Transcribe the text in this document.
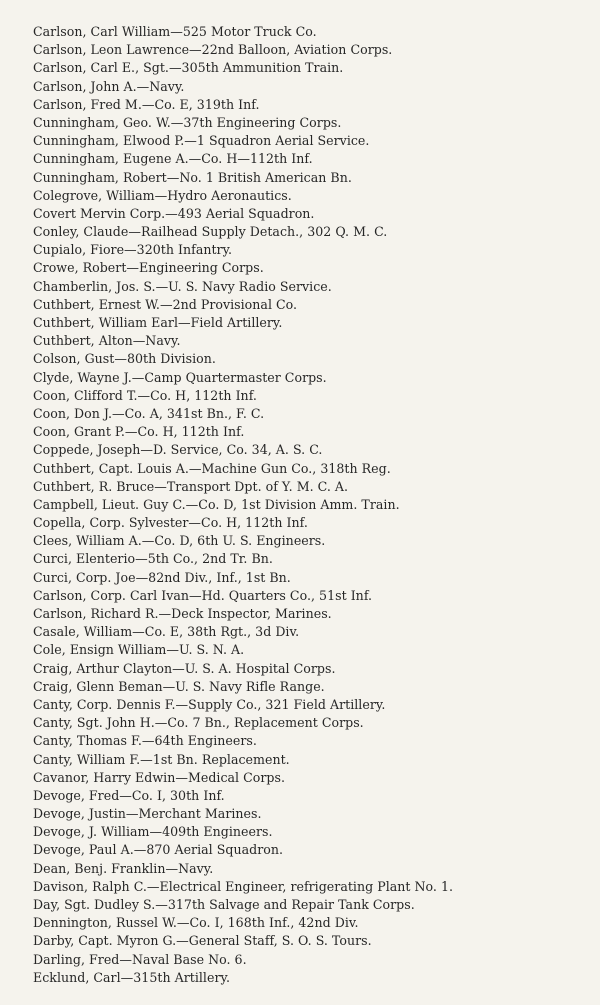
Carlson, Carl William—525 Motor Truck Co.
Carlson, Leon Lawrence—22nd Balloon, Aviation Corps.
Carlson, Carl E., Sgt.—305th Ammunition Train.
Carlson, John A.—Navy.
Carlson, Fred M.—Co. E, 319th Inf.
Cunningham, Geo. W.—37th Engineering Corps.
Cunningham, Elwood P.—1 Squadron Aerial Service.
Cunningham, Eugene A.—Co. H—112th Inf.
Cunningham, Robert—No. 1 British American Bn.
Colegrove, William—Hydro Aeronautics.
Covert Mervin Corp.—493 Aerial Squadron.
Conley, Claude—Railhead Supply Detach., 302 Q. M. C.
Cupialo, Fiore—320th Infantry.
Crowe, Robert—Engineering Corps.
Chamberlin, Jos. S.—U. S. Navy Radio Service.
Cuthbert, Ernest W.—2nd Provisional Co.
Cuthbert, William Earl—Field Artillery.
Cuthbert, Alton—Navy.
Colson, Gust—80th Division.
Clyde, Wayne J.—Camp Quartermaster Corps.
Coon, Clifford T.—Co. H, 112th Inf.
Coon, Don J.—Co. A, 341st Bn., F. C.
Coon, Grant P.—Co. H, 112th Inf.
Coppede, Joseph—D. Service, Co. 34, A. S. C.
Cuthbert, Capt. Louis A.—Machine Gun Co., 318th Reg.
Cuthbert, R. Bruce—Transport Dpt. of Y. M. C. A.
Campbell, Lieut. Guy C.—Co. D, 1st Division Amm. Train.
Copella, Corp. Sylvester—Co. H, 112th Inf.
Clees, William A.—Co. D, 6th U. S. Engineers.
Curci, Elenterio—5th Co., 2nd Tr. Bn.
Curci, Corp. Joe—82nd Div., Inf., 1st Bn.
Carlson, Corp. Carl Ivan—Hd. Quarters Co., 51st Inf.
Carlson, Richard R.—Deck Inspector, Marines.
Casale, William—Co. E, 38th Rgt., 3d Div.
Cole, Ensign William—U. S. N. A.
Craig, Arthur Clayton—U. S. A. Hospital Corps.
Craig, Glenn Beman—U. S. Navy Rifle Range.
Canty, Corp. Dennis F.—Supply Co., 321 Field Artillery.
Canty, Sgt. John H.—Co. 7 Bn., Replacement Corps.
Canty, Thomas F.—64th Engineers.
Canty, William F.—1st Bn. Replacement.
Cavanor, Harry Edwin—Medical Corps.
Devoge, Fred—Co. I, 30th Inf.
Devoge, Justin—Merchant Marines.
Devoge, J. William—409th Engineers.
Devoge, Paul A.—870 Aerial Squadron.
Dean, Benj. Franklin—Navy.
Davison, Ralph C.—Electrical Engineer, refrigerating Plant No. 1.
Day, Sgt. Dudley S.—317th Salvage and Repair Tank Corps.
Dennington, Russel W.—Co. I, 168th Inf., 42nd Div.
Darby, Capt. Myron G.—General Staff, S. O. S. Tours.
Darling, Fred—Naval Base No. 6.
Ecklund, Carl—315th Artillery.
